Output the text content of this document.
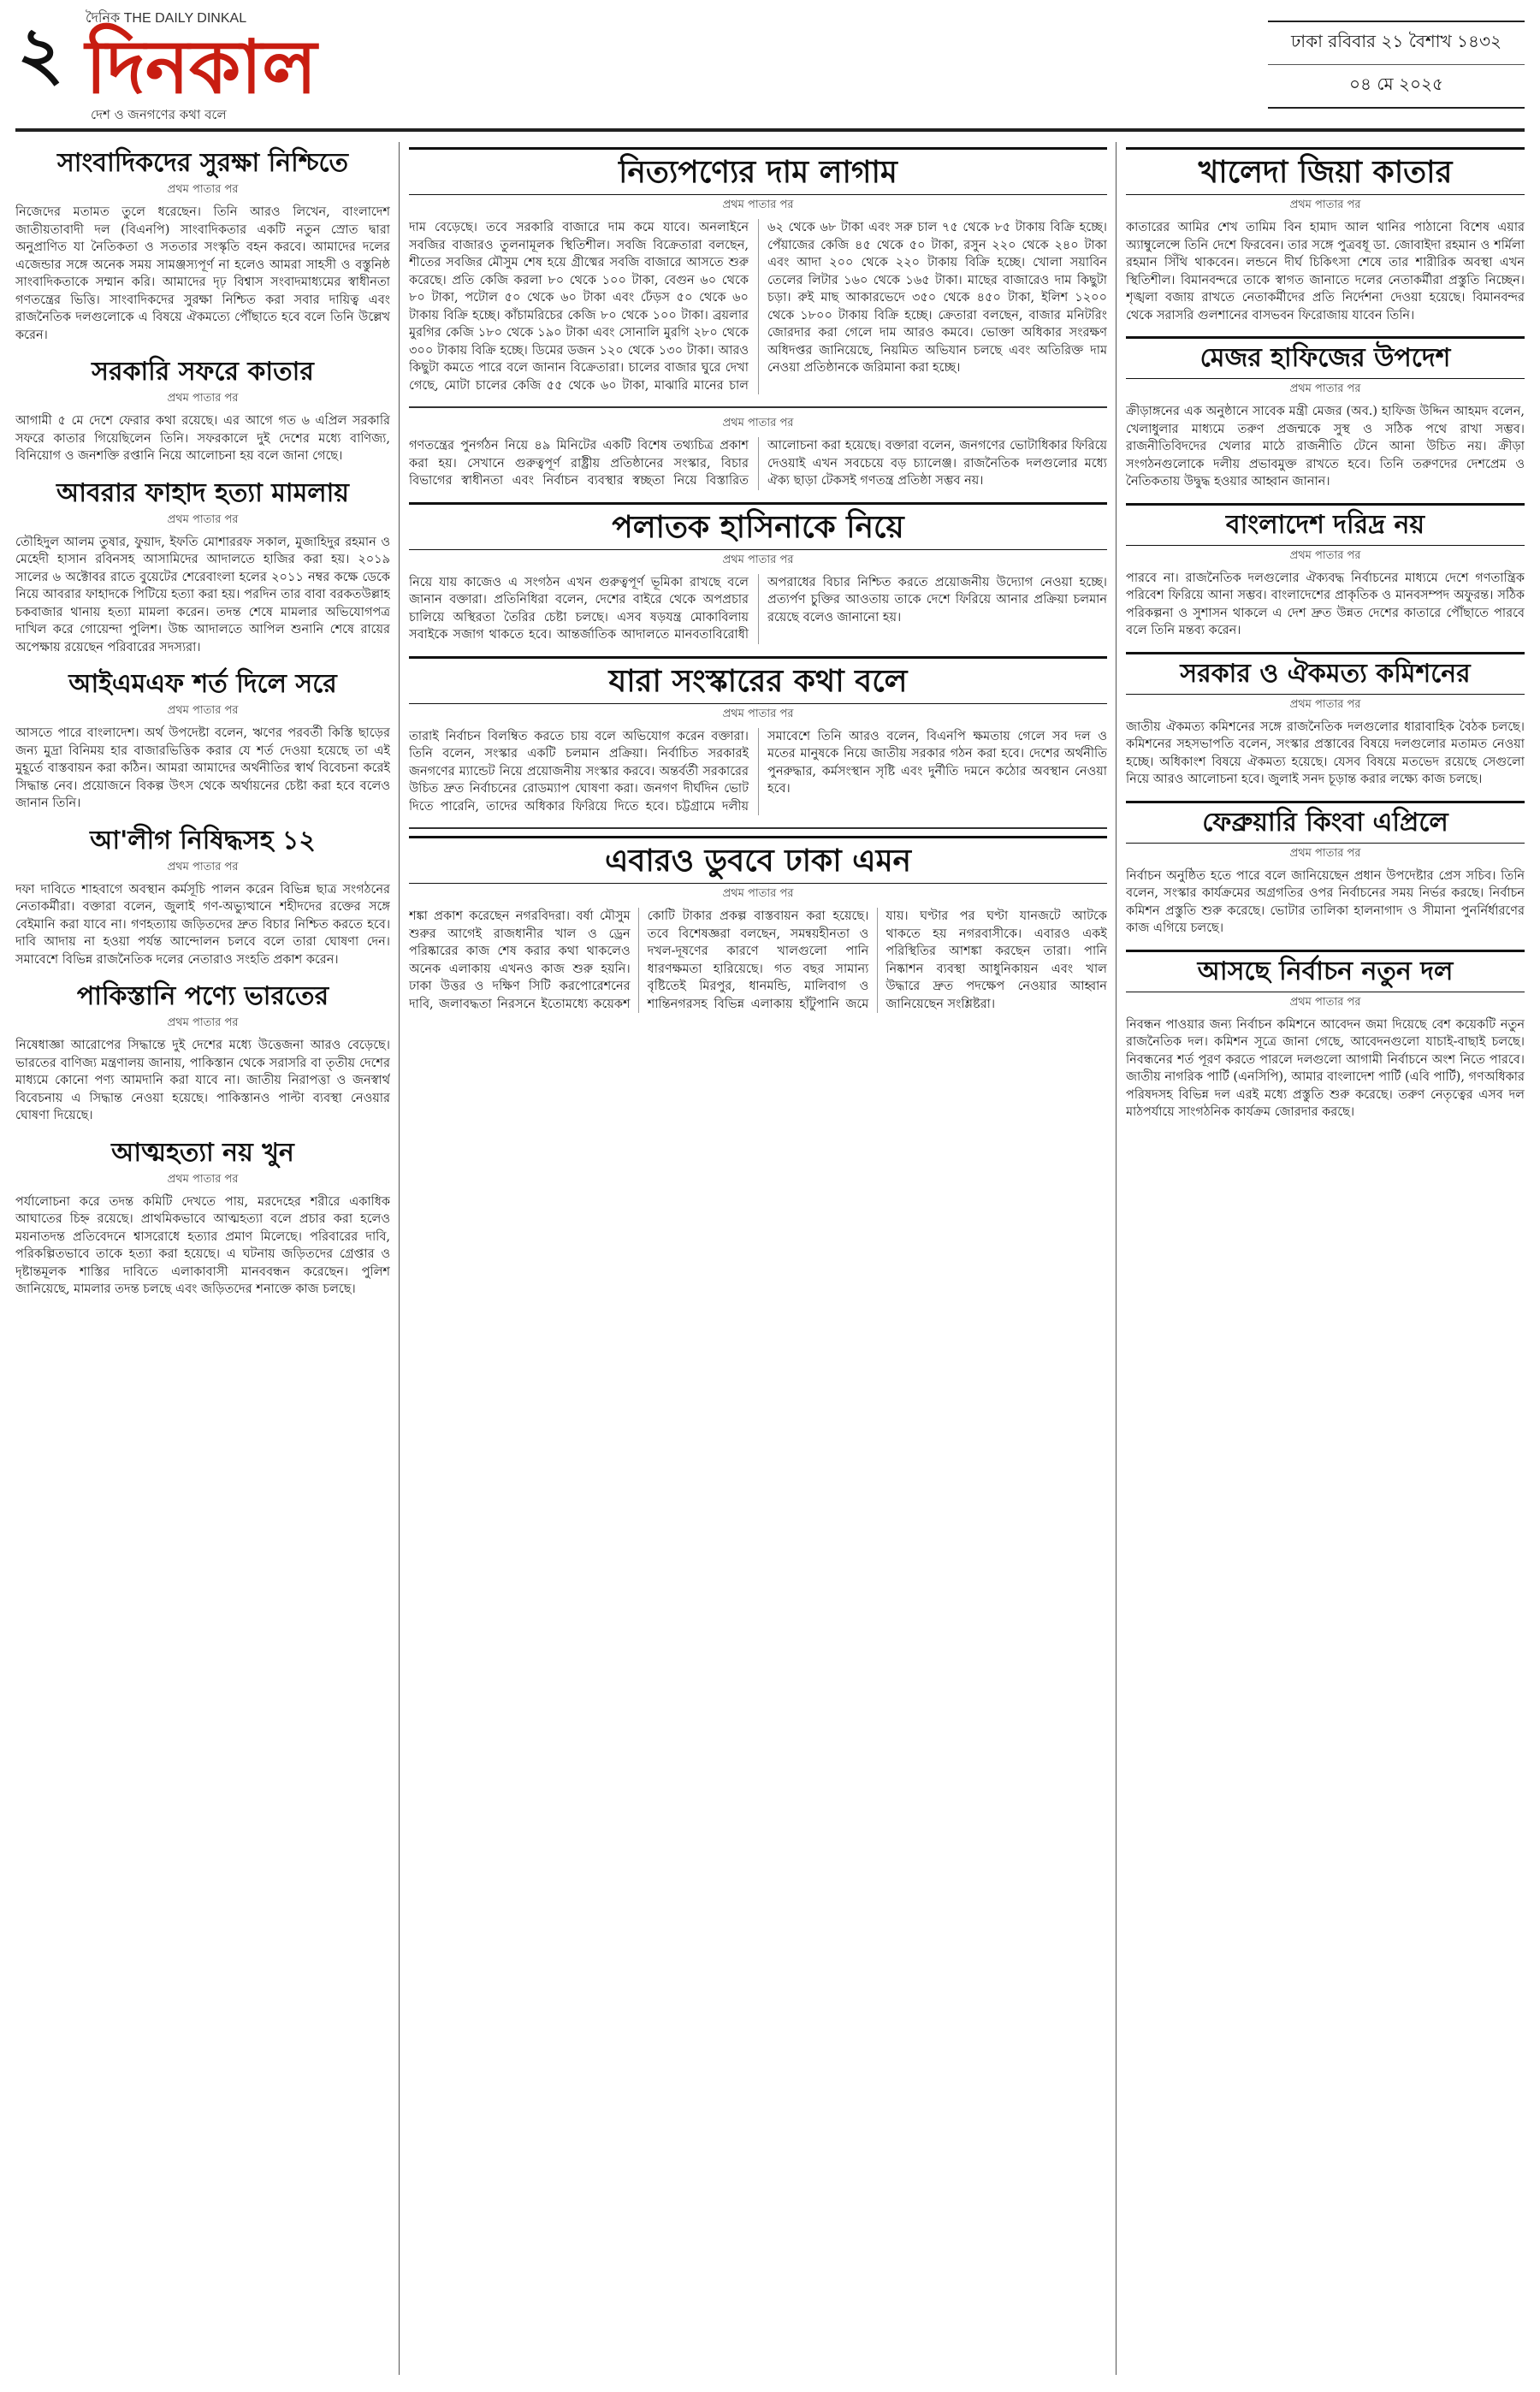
২ দৈনিক THE DAILY DINKAL
দিনকাল
দেশ ও জনগণের কথা বলে
ঢাকা রবিবার ২১ বৈশাখ ১৪৩২
০৪ মে ২০২৫
সাংবাদিকদের সুরক্ষা নিশ্চিতে
প্রথম পাতার পর
নিজেদের মতামত তুলে ধরেছেন। তিনি আরও লিখেন, বাংলাদেশ জাতীয়তাবাদী দল (বিএনপি) সাংবাদিকতার একটি নতুন স্রোত দ্বারা অনুপ্রাণিত যা নৈতিকতা ও সততার সংস্কৃতি বহন করবে। আমাদের দলের এজেন্ডার সঙ্গে অনেক সময় সামঞ্জস্যপূর্ণ না হলেও আমরা সাহসী ও বস্তুনিষ্ঠ সাংবাদিকতাকে সম্মান করি। আমাদের দৃঢ় বিশ্বাস সংবাদমাধ্যমের স্বাধীনতা গণতন্ত্রের ভিত্তি। সাংবাদিকদের সুরক্ষা নিশ্চিত করা সবার দায়িত্ব এবং রাজনৈতিক দলগুলোকে এ বিষয়ে ঐকমত্যে পৌঁছাতে হবে বলে তিনি উল্লেখ করেন।
সরকারি সফরে কাতার
প্রথম পাতার পর
আগামী ৫ মে দেশে ফেরার কথা রয়েছে। এর আগে গত ৬ এপ্রিল সরকারি সফরে কাতার গিয়েছিলেন তিনি। সফরকালে দুই দেশের মধ্যে বাণিজ্য, বিনিয়োগ ও জনশক্তি রপ্তানি নিয়ে আলোচনা হয় বলে জানা গেছে।
আবরার ফাহাদ হত্যা মামলায়
প্রথম পাতার পর
তৌহিদুল আলম তুষার, ফুয়াদ, ইফতি মোশাররফ সকাল, মুজাহিদুর রহমান ও মেহেদী হাসান রবিনসহ আসামিদের আদালতে হাজির করা হয়। ২০১৯ সালের ৬ অক্টোবর রাতে বুয়েটের শেরেবাংলা হলের ২০১১ নম্বর কক্ষে ডেকে নিয়ে আবরার ফাহাদকে পিটিয়ে হত্যা করা হয়। পরদিন তার বাবা বরকতউল্লাহ চকবাজার থানায় হত্যা মামলা করেন। তদন্ত শেষে মামলার অভিযোগপত্র দাখিল করে গোয়েন্দা পুলিশ। উচ্চ আদালতে আপিল শুনানি শেষে রায়ের অপেক্ষায় রয়েছেন পরিবারের সদস্যরা।
আইএমএফ শর্ত দিলে সরে
প্রথম পাতার পর
আসতে পারে বাংলাদেশ। অর্থ উপদেষ্টা বলেন, ঋণের পরবর্তী কিস্তি ছাড়ের জন্য মুদ্রা বিনিময় হার বাজারভিত্তিক করার যে শর্ত দেওয়া হয়েছে তা এই মুহূর্তে বাস্তবায়ন করা কঠিন। আমরা আমাদের অর্থনীতির স্বার্থ বিবেচনা করেই সিদ্ধান্ত নেব। প্রয়োজনে বিকল্প উৎস থেকে অর্থায়নের চেষ্টা করা হবে বলেও জানান তিনি।
আ'লীগ নিষিদ্ধসহ ১২
প্রথম পাতার পর
দফা দাবিতে শাহবাগে অবস্থান কর্মসূচি পালন করেন বিভিন্ন ছাত্র সংগঠনের নেতাকর্মীরা। বক্তারা বলেন, জুলাই গণ-অভ্যুত্থানে শহীদদের রক্তের সঙ্গে বেইমানি করা যাবে না। গণহত্যায় জড়িতদের দ্রুত বিচার নিশ্চিত করতে হবে। দাবি আদায় না হওয়া পর্যন্ত আন্দোলন চলবে বলে তারা ঘোষণা দেন। সমাবেশে বিভিন্ন রাজনৈতিক দলের নেতারাও সংহতি প্রকাশ করেন।
পাকিস্তানি পণ্যে ভারতের
প্রথম পাতার পর
নিষেধাজ্ঞা আরোপের সিদ্ধান্তে দুই দেশের মধ্যে উত্তেজনা আরও বেড়েছে। ভারতের বাণিজ্য মন্ত্রণালয় জানায়, পাকিস্তান থেকে সরাসরি বা তৃতীয় দেশের মাধ্যমে কোনো পণ্য আমদানি করা যাবে না। জাতীয় নিরাপত্তা ও জনস্বার্থ বিবেচনায় এ সিদ্ধান্ত নেওয়া হয়েছে। পাকিস্তানও পাল্টা ব্যবস্থা নেওয়ার ঘোষণা দিয়েছে।
আত্মহত্যা নয় খুন
প্রথম পাতার পর
পর্যালোচনা করে তদন্ত কমিটি দেখতে পায়, মরদেহের শরীরে একাধিক আঘাতের চিহ্ন রয়েছে। প্রাথমিকভাবে আত্মহত্যা বলে প্রচার করা হলেও ময়নাতদন্ত প্রতিবেদনে শ্বাসরোধে হত্যার প্রমাণ মিলেছে। পরিবারের দাবি, পরিকল্পিতভাবে তাকে হত্যা করা হয়েছে। এ ঘটনায় জড়িতদের গ্রেপ্তার ও দৃষ্টান্তমূলক শাস্তির দাবিতে এলাকাবাসী মানববন্ধন করেছেন। পুলিশ জানিয়েছে, মামলার তদন্ত চলছে এবং জড়িতদের শনাক্তে কাজ চলছে।
নিত্যপণ্যের দাম লাগাম
প্রথম পাতার পর
দাম বেড়েছে। তবে সরকারি বাজারে দাম কমে যাবে। অনলাইনে সবজির বাজারও তুলনামূলক স্থিতিশীল। সবজি বিক্রেতারা বলছেন, শীতের সবজির মৌসুম শেষ হয়ে গ্রীষ্মের সবজি বাজারে আসতে শুরু করেছে। প্রতি কেজি করলা ৮০ থেকে ১০০ টাকা, বেগুন ৬০ থেকে ৮০ টাকা, পটোল ৫০ থেকে ৬০ টাকা এবং ঢেঁড়স ৫০ থেকে ৬০ টাকায় বিক্রি হচ্ছে। কাঁচামরিচের কেজি ৮০ থেকে ১০০ টাকা। ব্রয়লার মুরগির কেজি ১৮০ থেকে ১৯০ টাকা এবং সোনালি মুরগি ২৮০ থেকে ৩০০ টাকায় বিক্রি হচ্ছে। ডিমের ডজন ১২০ থেকে ১৩০ টাকা। আরও কিছুটা কমতে পারে বলে জানান বিক্রেতারা। চালের বাজার ঘুরে দেখা গেছে, মোটা চালের কেজি ৫৫ থেকে ৬০ টাকা, মাঝারি মানের চাল ৬২ থেকে ৬৮ টাকা এবং সরু চাল ৭৫ থেকে ৮৫ টাকায় বিক্রি হচ্ছে। পেঁয়াজের কেজি ৪৫ থেকে ৫০ টাকা, রসুন ২২০ থেকে ২৪০ টাকা এবং আদা ২০০ থেকে ২২০ টাকায় বিক্রি হচ্ছে। খোলা সয়াবিন তেলের লিটার ১৬০ থেকে ১৬৫ টাকা। মাছের বাজারেও দাম কিছুটা চড়া। রুই মাছ আকারভেদে ৩৫০ থেকে ৪৫০ টাকা, ইলিশ ১২০০ থেকে ১৮০০ টাকায় বিক্রি হচ্ছে। ক্রেতারা বলছেন, বাজার মনিটরিং জোরদার করা গেলে দাম আরও কমবে। ভোক্তা অধিকার সংরক্ষণ অধিদপ্তর জানিয়েছে, নিয়মিত অভিযান চলছে এবং অতিরিক্ত দাম নেওয়া প্রতিষ্ঠানকে জরিমানা করা হচ্ছে।
প্রথম পাতার পর
গণতন্ত্রের পুনর্গঠন নিয়ে ৪৯ মিনিটের একটি বিশেষ তথ্যচিত্র প্রকাশ করা হয়। সেখানে গুরুত্বপূর্ণ রাষ্ট্রীয় প্রতিষ্ঠানের সংস্কার, বিচার বিভাগের স্বাধীনতা এবং নির্বাচন ব্যবস্থার স্বচ্ছতা নিয়ে বিস্তারিত আলোচনা করা হয়েছে। বক্তারা বলেন, জনগণের ভোটাধিকার ফিরিয়ে দেওয়াই এখন সবচেয়ে বড় চ্যালেঞ্জ। রাজনৈতিক দলগুলোর মধ্যে ঐক্য ছাড়া টেকসই গণতন্ত্র প্রতিষ্ঠা সম্ভব নয়।
পলাতক হাসিনাকে নিয়ে
প্রথম পাতার পর
নিয়ে যায় কাজেও এ সংগঠন এখন গুরুত্বপূর্ণ ভূমিকা রাখছে বলে জানান বক্তারা। প্রতিনিধিরা বলেন, দেশের বাইরে থেকে অপপ্রচার চালিয়ে অস্থিরতা তৈরির চেষ্টা চলছে। এসব ষড়যন্ত্র মোকাবিলায় সবাইকে সজাগ থাকতে হবে। আন্তর্জাতিক আদালতে মানবতাবিরোধী অপরাধের বিচার নিশ্চিত করতে প্রয়োজনীয় উদ্যোগ নেওয়া হচ্ছে। প্রত্যর্পণ চুক্তির আওতায় তাকে দেশে ফিরিয়ে আনার প্রক্রিয়া চলমান রয়েছে বলেও জানানো হয়।
যারা সংস্কারের কথা বলে
প্রথম পাতার পর
তারাই নির্বাচন বিলম্বিত করতে চায় বলে অভিযোগ করেন বক্তারা। তিনি বলেন, সংস্কার একটি চলমান প্রক্রিয়া। নির্বাচিত সরকারই জনগণের ম্যান্ডেট নিয়ে প্রয়োজনীয় সংস্কার করবে। অন্তর্বর্তী সরকারের উচিত দ্রুত নির্বাচনের রোডম্যাপ ঘোষণা করা। জনগণ দীর্ঘদিন ভোট দিতে পারেনি, তাদের অধিকার ফিরিয়ে দিতে হবে। চট্টগ্রামে দলীয় সমাবেশে তিনি আরও বলেন, বিএনপি ক্ষমতায় গেলে সব দল ও মতের মানুষকে নিয়ে জাতীয় সরকার গঠন করা হবে। দেশের অর্থনীতি পুনরুদ্ধার, কর্মসংস্থান সৃষ্টি এবং দুর্নীতি দমনে কঠোর অবস্থান নেওয়া হবে।
এবারও ডুববে ঢাকা এমন
প্রথম পাতার পর
শঙ্কা প্রকাশ করেছেন নগরবিদরা। বর্ষা মৌসুম শুরুর আগেই রাজধানীর খাল ও ড্রেন পরিষ্কারের কাজ শেষ করার কথা থাকলেও অনেক এলাকায় এখনও কাজ শুরু হয়নি। ঢাকা উত্তর ও দক্ষিণ সিটি করপোরেশনের দাবি, জলাবদ্ধতা নিরসনে ইতোমধ্যে কয়েকশ কোটি টাকার প্রকল্প বাস্তবায়ন করা হয়েছে। তবে বিশেষজ্ঞরা বলছেন, সমন্বয়হীনতা ও দখল-দূষণের কারণে খালগুলো পানি ধারণক্ষমতা হারিয়েছে। গত বছর সামান্য বৃষ্টিতেই মিরপুর, ধানমন্ডি, মালিবাগ ও শান্তিনগরসহ বিভিন্ন এলাকায় হাঁটুপানি জমে যায়। ঘণ্টার পর ঘণ্টা যানজটে আটকে থাকতে হয় নগরবাসীকে। এবারও একই পরিস্থিতির আশঙ্কা করছেন তারা। পানি নিষ্কাশন ব্যবস্থা আধুনিকায়ন এবং খাল উদ্ধারে দ্রুত পদক্ষেপ নেওয়ার আহ্বান জানিয়েছেন সংশ্লিষ্টরা।
খালেদা জিয়া কাতার
প্রথম পাতার পর
কাতারের আমির শেখ তামিম বিন হামাদ আল থানির পাঠানো বিশেষ এয়ার অ্যাম্বুলেন্সে তিনি দেশে ফিরবেন। তার সঙ্গে পুত্রবধূ ডা. জোবাইদা রহমান ও শর্মিলা রহমান সিঁথি থাকবেন। লন্ডনে দীর্ঘ চিকিৎসা শেষে তার শারীরিক অবস্থা এখন স্থিতিশীল। বিমানবন্দরে তাকে স্বাগত জানাতে দলের নেতাকর্মীরা প্রস্তুতি নিচ্ছেন। শৃঙ্খলা বজায় রাখতে নেতাকর্মীদের প্রতি নির্দেশনা দেওয়া হয়েছে। বিমানবন্দর থেকে সরাসরি গুলশানের বাসভবন ফিরোজায় যাবেন তিনি।
মেজর হাফিজের উপদেশ
প্রথম পাতার পর
ক্রীড়াঙ্গনের এক অনুষ্ঠানে সাবেক মন্ত্রী মেজর (অব.) হাফিজ উদ্দিন আহমদ বলেন, খেলাধুলার মাধ্যমে তরুণ প্রজন্মকে সুস্থ ও সঠিক পথে রাখা সম্ভব। রাজনীতিবিদদের খেলার মাঠে রাজনীতি টেনে আনা উচিত নয়। ক্রীড়া সংগঠনগুলোকে দলীয় প্রভাবমুক্ত রাখতে হবে। তিনি তরুণদের দেশপ্রেম ও নৈতিকতায় উদ্বুদ্ধ হওয়ার আহ্বান জানান।
বাংলাদেশ দরিদ্র নয়
প্রথম পাতার পর
পারবে না। রাজনৈতিক দলগুলোর ঐক্যবদ্ধ নির্বাচনের মাধ্যমে দেশে গণতান্ত্রিক পরিবেশ ফিরিয়ে আনা সম্ভব। বাংলাদেশের প্রাকৃতিক ও মানবসম্পদ অফুরন্ত। সঠিক পরিকল্পনা ও সুশাসন থাকলে এ দেশ দ্রুত উন্নত দেশের কাতারে পৌঁছাতে পারবে বলে তিনি মন্তব্য করেন।
সরকার ও ঐকমত্য কমিশনের
প্রথম পাতার পর
জাতীয় ঐকমত্য কমিশনের সঙ্গে রাজনৈতিক দলগুলোর ধারাবাহিক বৈঠক চলছে। কমিশনের সহসভাপতি বলেন, সংস্কার প্রস্তাবের বিষয়ে দলগুলোর মতামত নেওয়া হচ্ছে। অধিকাংশ বিষয়ে ঐকমত্য হয়েছে। যেসব বিষয়ে মতভেদ রয়েছে সেগুলো নিয়ে আরও আলোচনা হবে। জুলাই সনদ চূড়ান্ত করার লক্ষ্যে কাজ চলছে।
ফেব্রুয়ারি কিংবা এপ্রিলে
প্রথম পাতার পর
নির্বাচন অনুষ্ঠিত হতে পারে বলে জানিয়েছেন প্রধান উপদেষ্টার প্রেস সচিব। তিনি বলেন, সংস্কার কার্যক্রমের অগ্রগতির ওপর নির্বাচনের সময় নির্ভর করছে। নির্বাচন কমিশন প্রস্তুতি শুরু করেছে। ভোটার তালিকা হালনাগাদ ও সীমানা পুনর্নির্ধারণের কাজ এগিয়ে চলছে।
আসছে নির্বাচন নতুন দল
প্রথম পাতার পর
নিবন্ধন পাওয়ার জন্য নির্বাচন কমিশনে আবেদন জমা দিয়েছে বেশ কয়েকটি নতুন রাজনৈতিক দল। কমিশন সূত্রে জানা গেছে, আবেদনগুলো যাচাই-বাছাই চলছে। নিবন্ধনের শর্ত পূরণ করতে পারলে দলগুলো আগামী নির্বাচনে অংশ নিতে পারবে। জাতীয় নাগরিক পার্টি (এনসিপি), আমার বাংলাদেশ পার্টি (এবি পার্টি), গণঅধিকার পরিষদসহ বিভিন্ন দল এরই মধ্যে প্রস্তুতি শুরু করেছে। তরুণ নেতৃত্বের এসব দল মাঠপর্যায়ে সাংগঠনিক কার্যক্রম জোরদার করছে।
